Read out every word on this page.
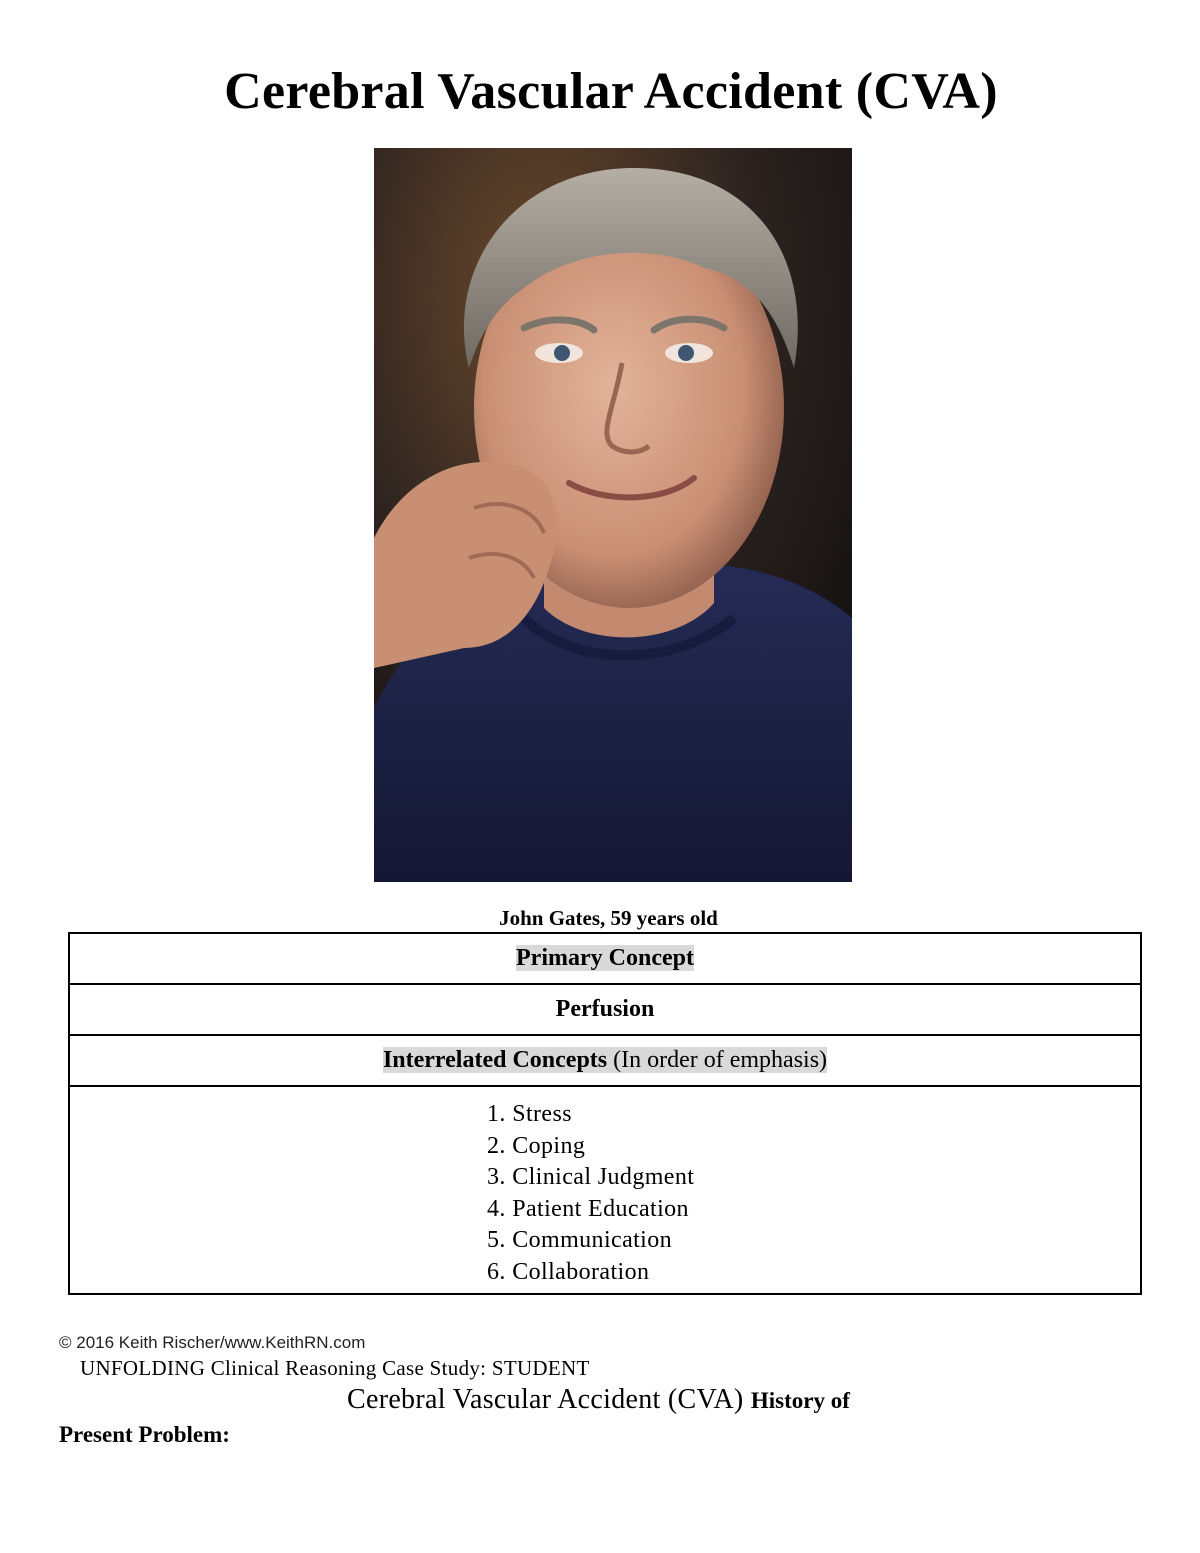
Cerebral Vascular Accident (CVA)
John Gates, 59 years old
Primary Concept
Perfusion
Interrelated Concepts (In order of emphasis)

1. Stress
2. Coping
3. Clinical Judgment
4. Patient Education
5. Communication
6. Collaboration
© 2016 Keith Rischer/www.KeithRN.com
UNFOLDING Clinical Reasoning Case Study: STUDENT
Cerebral Vascular Accident (CVA) History of
Present Problem:
